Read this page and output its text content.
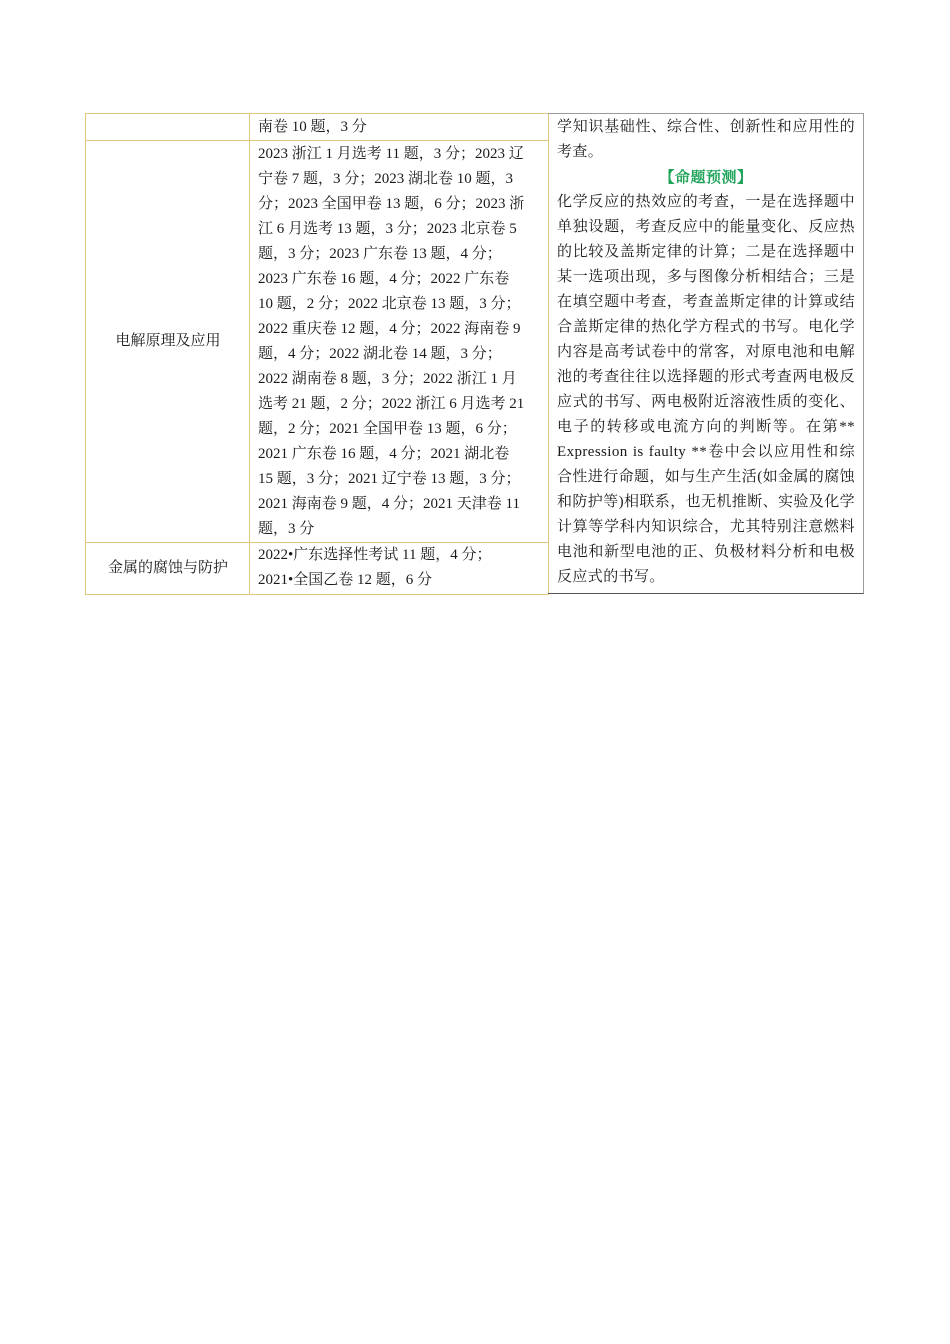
南卷 10 题，3 分
电解原理及应用
2023 浙江 1 月选考 11 题，3 分；2023 辽
宁卷 7 题，3 分；2023 湖北卷 10 题，3
分；2023 全国甲卷 13 题，6 分；2023 浙
江 6 月选考 13 题，3 分；2023 北京卷 5
题，3 分；2023 广东卷 13 题，4 分；
2023 广东卷 16 题，4 分；2022 广东卷
10 题，2 分；2022 北京卷 13 题，3 分；
2022 重庆卷 12 题，4 分；2022 海南卷 9
题，4 分；2022 湖北卷 14 题，3 分；
2022 湖南卷 8 题，3 分；2022 浙江 1 月
选考 21 题，2 分；2022 浙江 6 月选考 21
题，2 分；2021 全国甲卷 13 题，6 分；
2021 广东卷 16 题，4 分；2021 湖北卷
15 题，3 分；2021 辽宁卷 13 题，3 分；
2021 海南卷 9 题，4 分；2021 天津卷 11
题，3 分
金属的腐蚀与防护
2022•广东选择性考试 11 题，4 分；
2021•全国乙卷 12 题，6 分

学知识基础性、综合性、创新性和应用性的考查。

【命题预测】

化学反应的热效应的考查，一是在选择题中单独设题，考查反应中的能量变化、反应热的比较及盖斯定律的计算；二是在选择题中某一选项出现，多与图像分析相结合；三是在填空题中考查，考查盖斯定律的计算或结合盖斯定律的热化学方程式的书写。电化学内容是高考试卷中的常客，对原电池和电解池的考查往往以选择题的形式考查两电极反应式的书写、两电极附近溶液性质的变化、电子的转移或电流方向的判断等。在第** Expression is faulty **卷中会以应用性和综合性进行命题，如与生产生活(如金属的腐蚀和防护等)相联系，也无机推断、实验及化学计算等学科内知识综合，尤其特别注意燃料电池和新型电池的正、负极材料分析和电极反应式的书写。
